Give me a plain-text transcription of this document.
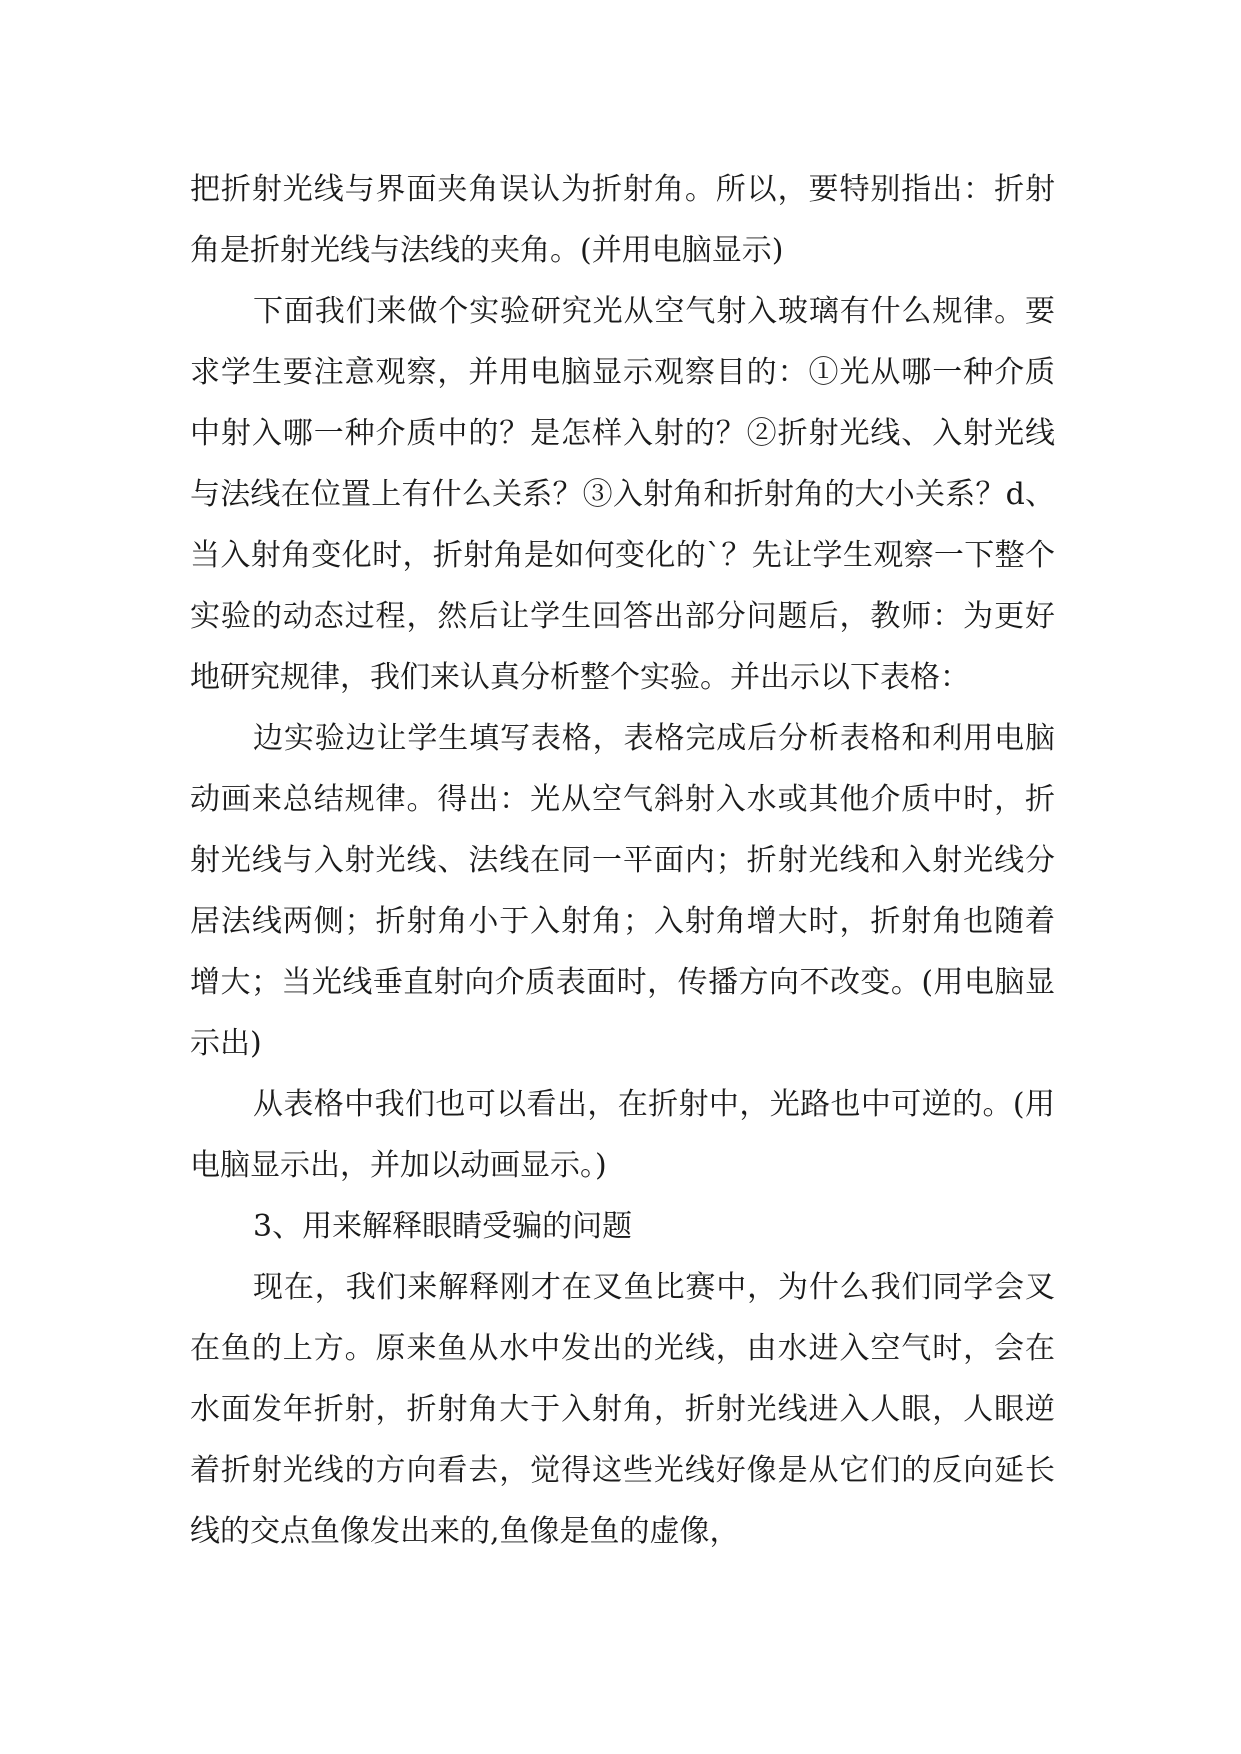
把折射光线与界面夹角误认为折射角。所以，要特别指出：折射角是折射光线与法线的夹角。(并用电脑显示)

下面我们来做个实验研究光从空气射入玻璃有什么规律。要求学生要注意观察，并用电脑显示观察目的：①光从哪一种介质中射入哪一种介质中的？是怎样入射的？②折射光线、入射光线与法线在位置上有什么关系？③入射角和折射角的大小关系？d、当入射角变化时，折射角是如何变化的`？先让学生观察一下整个实验的动态过程，然后让学生回答出部分问题后，教师：为更好地研究规律，我们来认真分析整个实验。并出示以下表格：

边实验边让学生填写表格，表格完成后分析表格和利用电脑动画来总结规律。得出：光从空气斜射入水或其他介质中时，折射光线与入射光线、法线在同一平面内；折射光线和入射光线分居法线两侧；折射角小于入射角；入射角增大时，折射角也随着增大；当光线垂直射向介质表面时，传播方向不改变。(用电脑显示出)

从表格中我们也可以看出，在折射中，光路也中可逆的。(用电脑显示出，并加以动画显示。)

3、用来解释眼睛受骗的问题

现在，我们来解释刚才在叉鱼比赛中，为什么我们同学会叉在鱼的上方。原来鱼从水中发出的光线，由水进入空气时，会在水面发年折射，折射角大于入射角，折射光线进入人眼，人眼逆着折射光线的方向看去，觉得这些光线好像是从它们的反向延长线的交点鱼像发出来的,鱼像是鱼的虚像，
